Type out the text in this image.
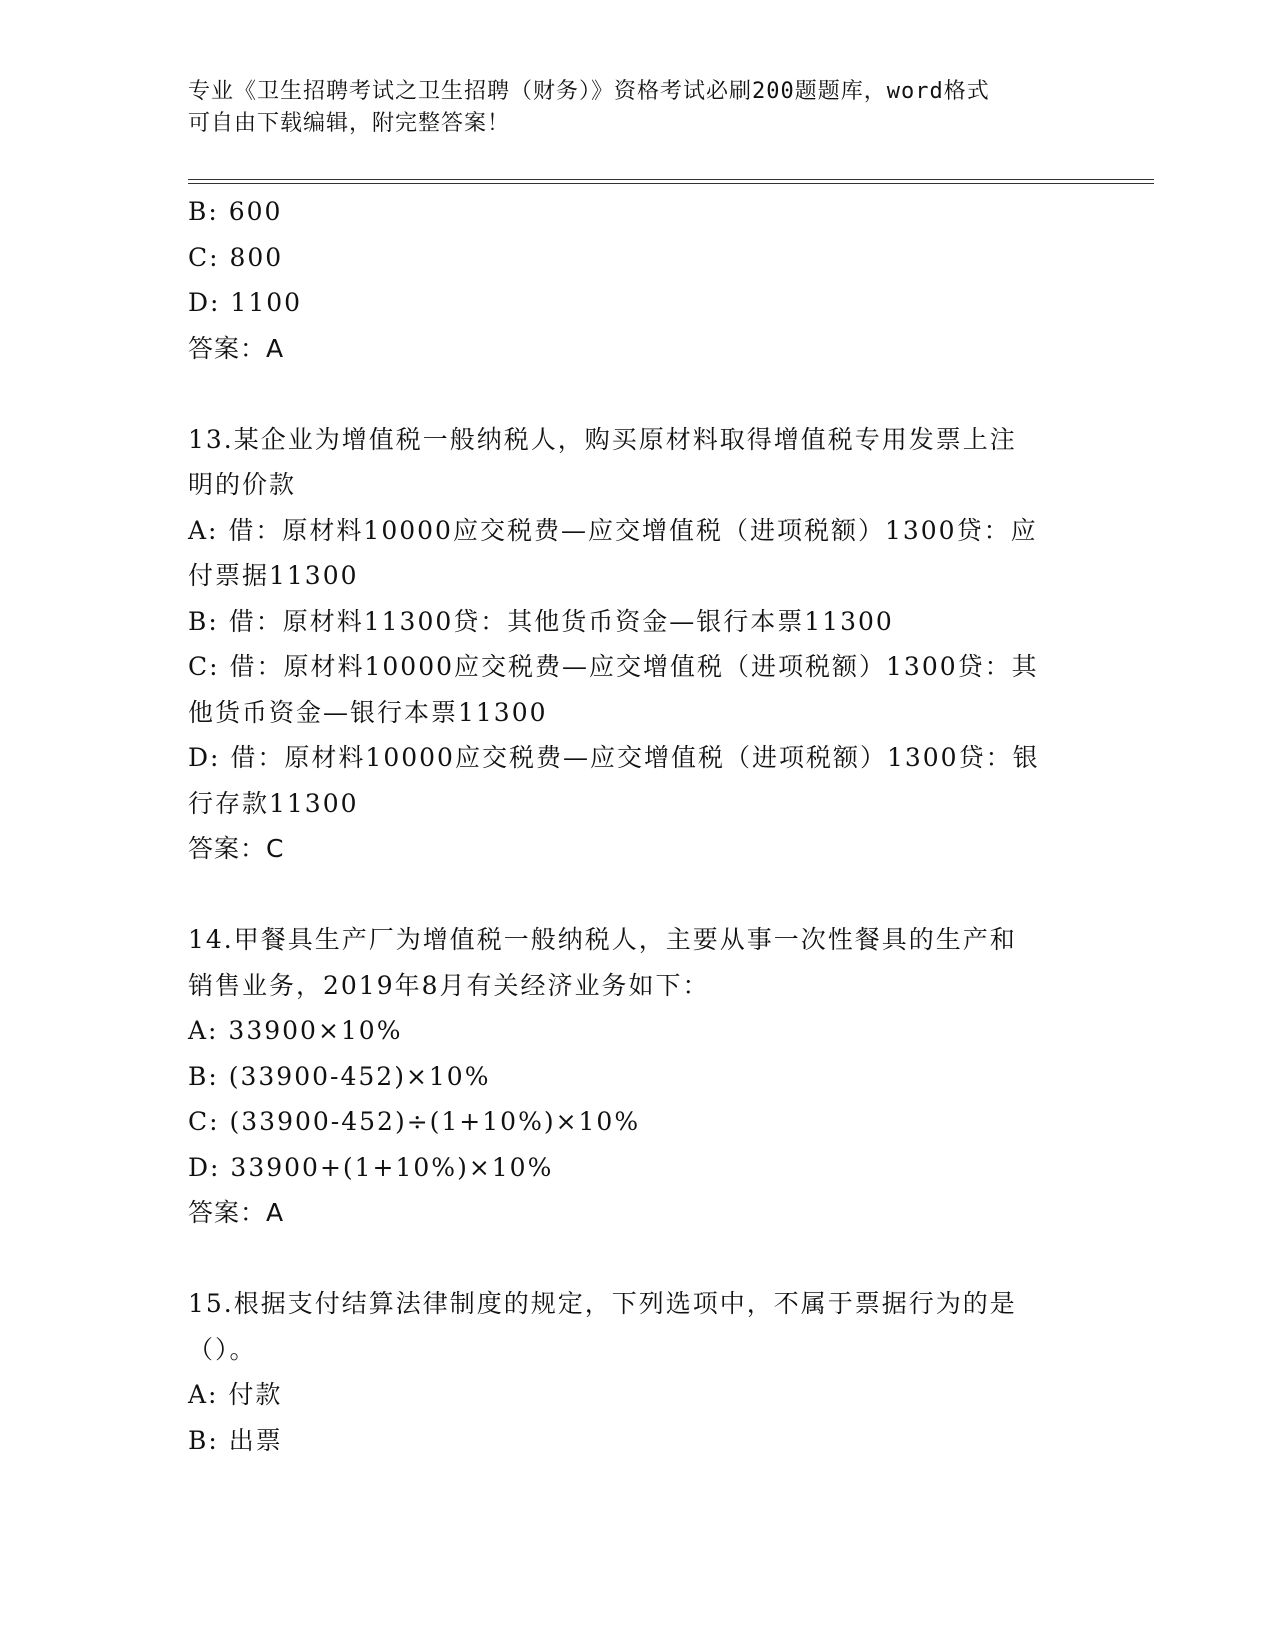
专业《卫生招聘考试之卫生招聘（财务）》资格考试必刷200题题库，word格式
可自由下载编辑，附完整答案！
B: 600
C: 800
D: 1100
答案：A
13.某企业为增值税一般纳税人，购买原材料取得增值税专用发票上注
明的价款
A: 借：原材料10000应交税费—应交增值税（进项税额）1300贷：应
付票据11300
B: 借：原材料11300贷：其他货币资金—银行本票11300
C: 借：原材料10000应交税费—应交增值税（进项税额）1300贷：其
他货币资金—银行本票11300
D: 借：原材料10000应交税费—应交增值税（进项税额）1300贷：银
行存款11300
答案：C
14.甲餐具生产厂为增值税一般纳税人，主要从事一次性餐具的生产和
销售业务，2019年8月有关经济业务如下：
A: 33900×10%
B: (33900-452)×10%
C: (33900-452)÷(1+10%)×10%
D: 33900+(1+10%)×10%
答案：A
15.根据支付结算法律制度的规定，下列选项中，不属于票据行为的是
（）。
A: 付款
B: 出票
